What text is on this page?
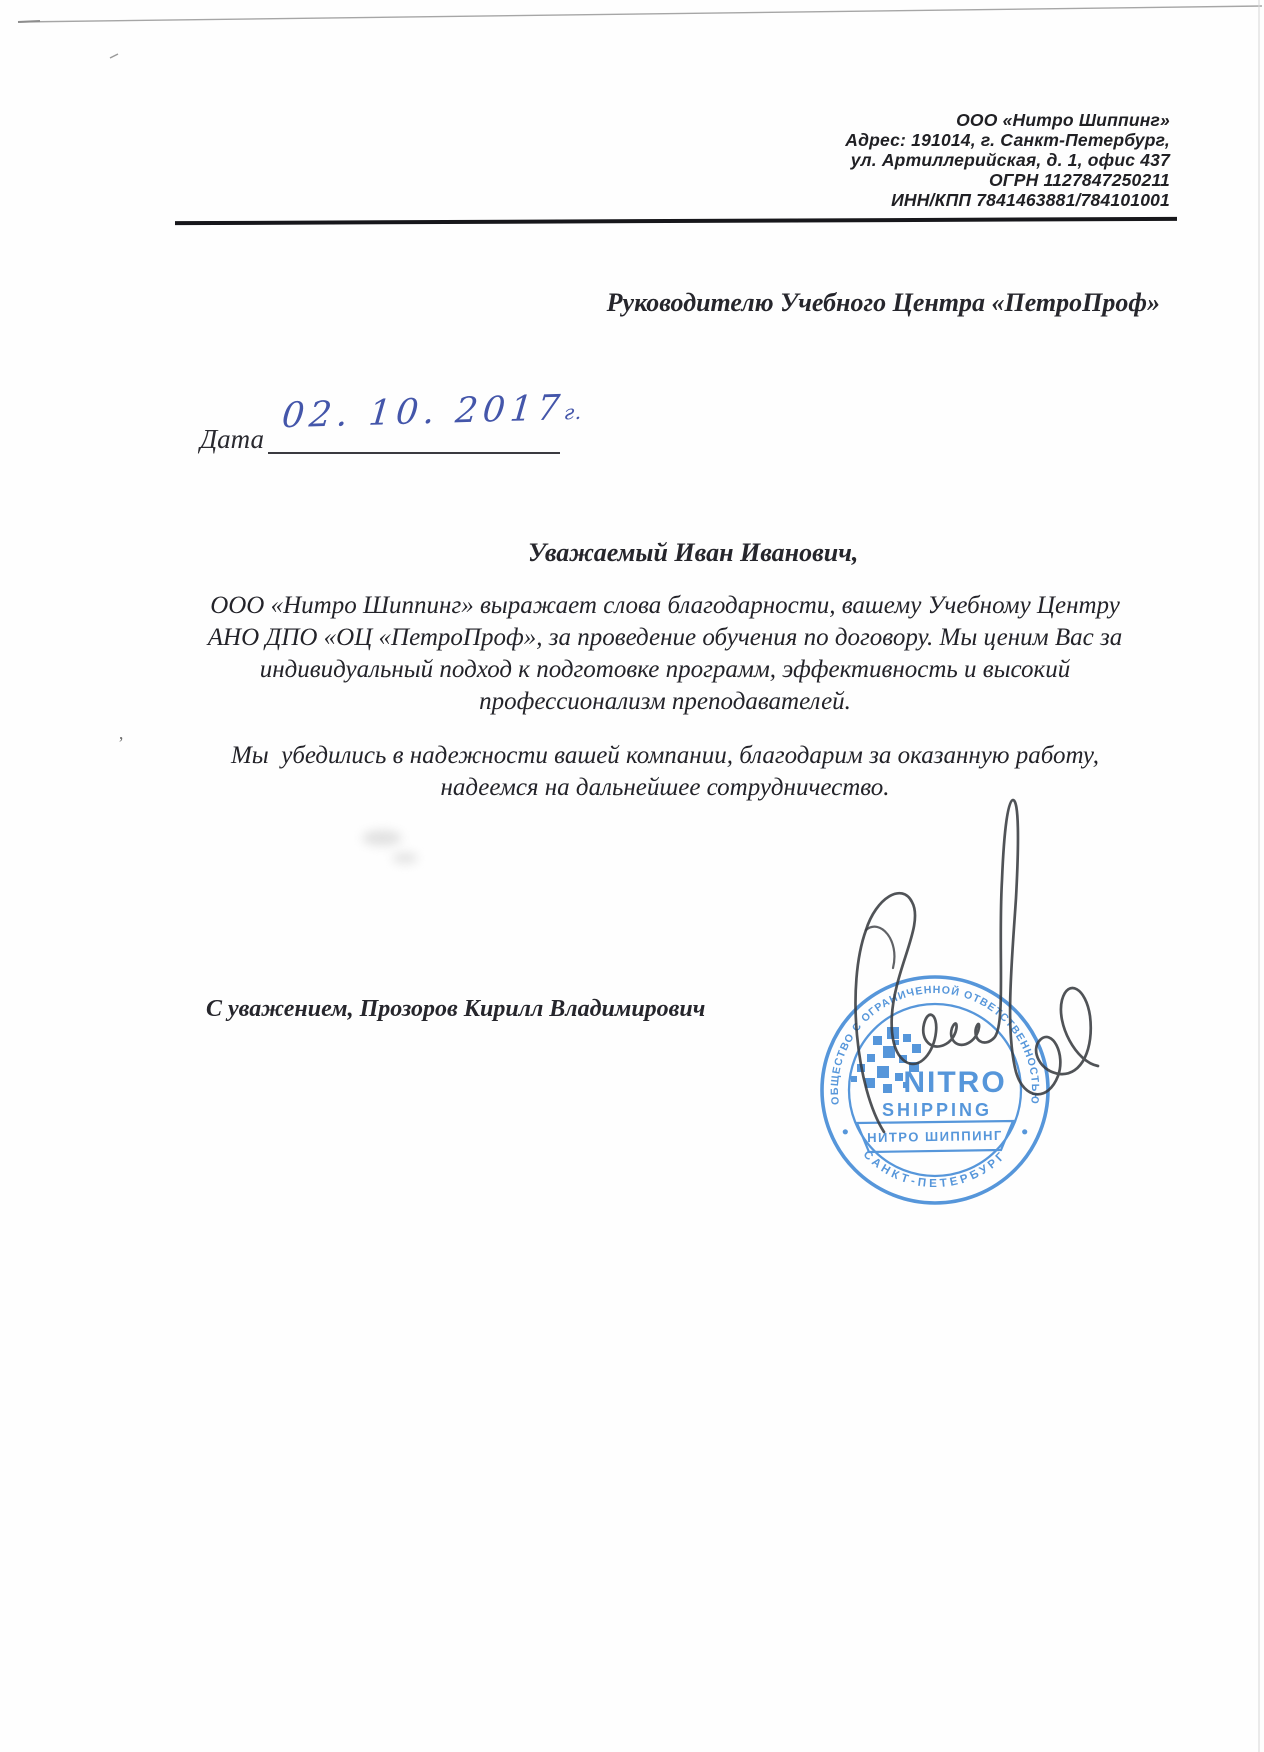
’
ООО «Нитро Шиппинг»
Адрес: 191014, г. Санкт-Петербург,
ул. Артиллерийская, д. 1, офис 437
ОГРН 1127847250211
ИНН/КПП 7841463881/784101001
Руководителю Учебного Центра «ПетроПроф»
Дата
02. 10. 2017г.
Уважаемый Иван Иванович,
ООО «Нитро Шиппинг» выражает слова благодарности, вашему Учебному Центру
АНО ДПО «ОЦ «ПетроПроф», за проведение обучения по договору. Мы ценим Вас за
индивидуальный подход к подготовке программ, эффективность и высокий
профессионализм преподавателей.
Мы  убедились в надежности вашей компании, благодарим за оказанную работу,
надеемся на дальнейшее сотрудничество.
С уважением, Прозоров Кирилл Владимирович
ОБЩЕСТВО С ОГРАНИЧЕННОЙ ОТВЕТСТВЕННОСТЬЮ
САНКТ-ПЕТЕРБУРГ
NITRO
SHIPPING
НИТРО ШИППИНГ
